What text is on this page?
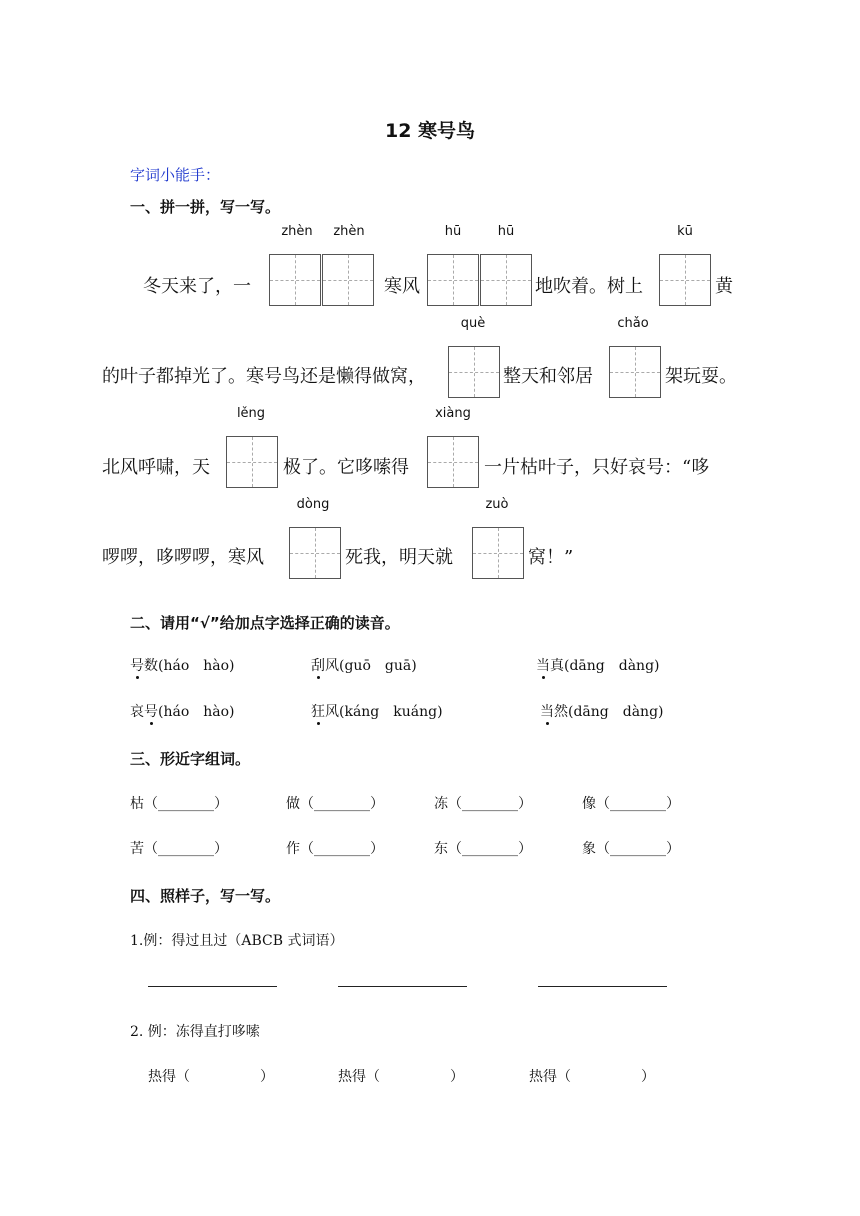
12 寒号鸟
字词小能手：
一、拼一拼，写一写。
zhèn	zhèn	hū	hū	kū
冬天来了，一	寒风	地吹着。树上	黄
què	chǎo
的叶子都掉光了。寒号鸟还是懒得做窝，	整天和邻居	架玩耍。
lěng	xiàng
北风呼啸，天	极了。它哆嗦得	一片枯叶子，只好哀号：“哆
dòng	zuò
啰啰，哆啰啰，寒风	死我，明天就	窝！”
二、请用“√”给加点字选择正确的读音。
号数(háo　hào)	刮风(guō　guā)	当真(dāng　dàng)
哀号(háo　hào)	狂风(káng　kuáng)	当然(dāng　dàng)
三、形近字组词。
枯（________）	做（________）	冻（________）	像（________）
苦（________）	作（________）	东（________）	象（________）
四、照样子，写一写。
1.例：得过且过（ABCB 式词语）
2. 例：冻得直打哆嗦
热得（　　　　　）	热得（　　　　　）	热得（　　　　　）
